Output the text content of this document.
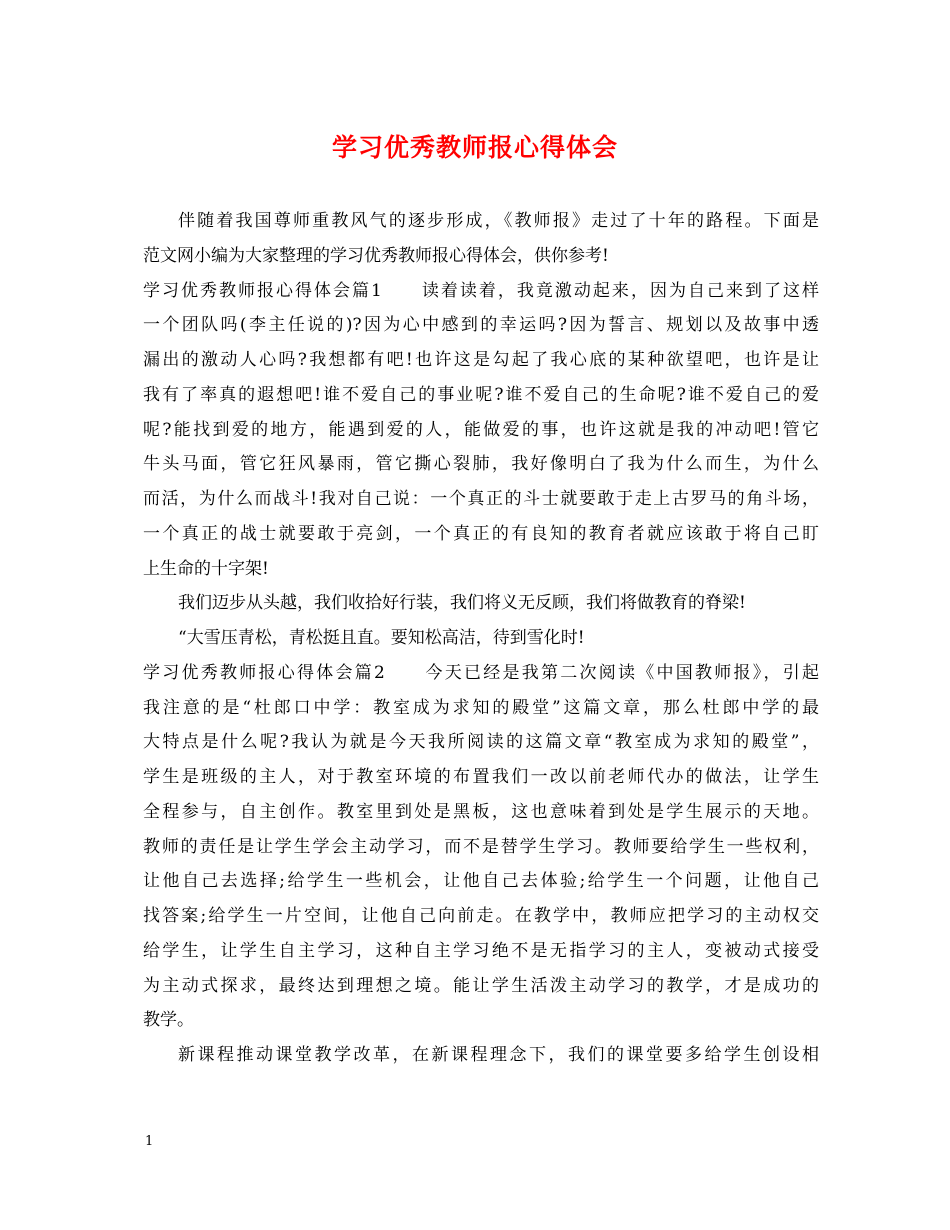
学习优秀教师报心得体会
伴随着我国尊师重教风气的逐步形成，《教师报》走过了十年的路程。下面是
范文网小编为大家整理的学习优秀教师报心得体会，供你参考!
学习优秀教师报心得体会篇1　　读着读着，我竟激动起来，因为自己来到了这样
一个团队吗(李主任说的)?因为心中感到的幸运吗?因为誓言、规划以及故事中透
漏出的激动人心吗?我想都有吧!也许这是勾起了我心底的某种欲望吧，也许是让
我有了率真的遐想吧!谁不爱自己的事业呢?谁不爱自己的生命呢?谁不爱自己的爱
呢?能找到爱的地方，能遇到爱的人，能做爱的事，也许这就是我的冲动吧!管它
牛头马面，管它狂风暴雨，管它撕心裂肺，我好像明白了我为什么而生，为什么
而活，为什么而战斗!我对自己说：一个真正的斗士就要敢于走上古罗马的角斗场，
一个真正的战士就要敢于亮剑，一个真正的有良知的教育者就应该敢于将自己盯
上生命的十字架!
我们迈步从头越，我们收拾好行装，我们将义无反顾，我们将做教育的脊梁!
“大雪压青松，青松挺且直。要知松高洁，待到雪化时!
学习优秀教师报心得体会篇2　　今天已经是我第二次阅读《中国教师报》，引起
我注意的是“杜郎口中学：教室成为求知的殿堂”这篇文章，那么杜郎中学的最
大特点是什么呢?我认为就是今天我所阅读的这篇文章“教室成为求知的殿堂”，
学生是班级的主人，对于教室环境的布置我们一改以前老师代办的做法，让学生
全程参与，自主创作。教室里到处是黑板，这也意味着到处是学生展示的天地。
教师的责任是让学生学会主动学习，而不是替学生学习。教师要给学生一些权利，
让他自己去选择;给学生一些机会，让他自己去体验;给学生一个问题，让他自己
找答案;给学生一片空间，让他自己向前走。在教学中，教师应把学习的主动权交
给学生，让学生自主学习，这种自主学习绝不是无指学习的主人，变被动式接受
为主动式探求，最终达到理想之境。能让学生活泼主动学习的教学，才是成功的
教学。
新课程推动课堂教学改革，在新课程理念下，我们的课堂要多给学生创设相
1
